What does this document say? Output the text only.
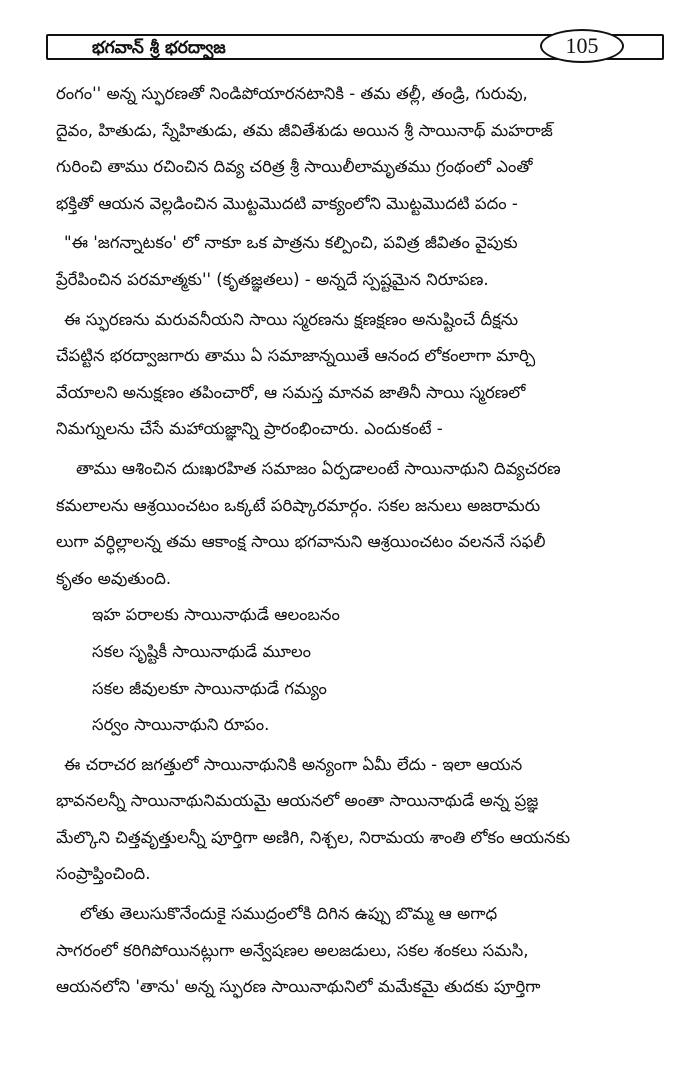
భగవాన్ శ్రీ భరద్వాజ	105
రంగం'' అన్న స్ఫురణతో నిండిపోయారనటానికి - తమ తల్లీ, తండ్రి, గురువు,
దైవం, హితుడు, స్నేహితుడు, తమ జీవితేశుడు అయిన శ్రీ సాయినాథ్ మహరాజ్
గురించి తాము రచించిన దివ్య చరిత్ర శ్రీ సాయిలీలామృతము గ్రంథంలో ఎంతో
భక్తితో ఆయన వెల్లడించిన మొట్టమొదటి వాక్యంలోని మొట్టమొదటి పదం -
"ఈ 'జగన్నాటకం' లో నాకూ ఒక పాత్రను కల్పించి, పవిత్ర జీవితం వైపుకు
ప్రేరేపించిన పరమాత్మకు'' (కృతజ్ఞతలు) - అన్నదే స్పష్టమైన నిరూపణ.
ఈ స్ఫురణను మరువనీయని సాయి స్మరణను క్షణక్షణం అనుష్టించే దీక్షను
చేపట్టిన భరద్వాజగారు తాము ఏ సమాజాన్నయితే ఆనంద లోకంలాగా మార్చి
వేయాలని అనుక్షణం తపించారో, ఆ సమస్త మానవ జాతినీ సాయి స్మరణలో
నిమగ్నులను చేసే మహాయజ్ఞాన్ని ప్రారంభించారు. ఎందుకంటే -
తాము ఆశించిన దుఃఖరహిత సమాజం ఏర్పడాలంటే సాయినాథుని దివ్యచరణ
కమలాలను ఆశ్రయించటం ఒక్కటే పరిష్కారమార్గం. సకల జనులు అజరామరు
లుగా వర్ధిల్లాలన్న తమ ఆకాంక్ష సాయి భగవానుని ఆశ్రయించటం వలననే సఫలీ
కృతం అవుతుంది.
ఇహ పరాలకు సాయినాథుడే ఆలంబనం
సకల సృష్టికీ సాయినాథుడే మూలం
సకల జీవులకూ సాయినాథుడే గమ్యం
సర్వం సాయినాథుని రూపం.
ఈ చరాచర జగత్తులో సాయినాథునికి అన్యంగా ఏమీ లేదు - ఇలా ఆయన
భావనలన్నీ సాయినాథునిమయమై ఆయనలో అంతా సాయినాథుడే అన్న ప్రజ్ఞ
మేల్కొని చిత్తవృత్తులన్నీ పూర్తిగా అణిగి, నిశ్చల, నిరామయ శాంతి లోకం ఆయనకు
సంప్రాప్తించింది.
లోతు తెలుసుకొనేందుకై సముద్రంలోకి దిగిన ఉప్పు బొమ్మ ఆ అగాధ
సాగరంలో కరిగిపోయినట్లుగా అన్వేషణల అలజడులు, సకల శంకలు సమసి,
ఆయనలోని 'తాను' అన్న స్ఫురణ సాయినాథునిలో మమేకమై తుదకు పూర్తిగా
